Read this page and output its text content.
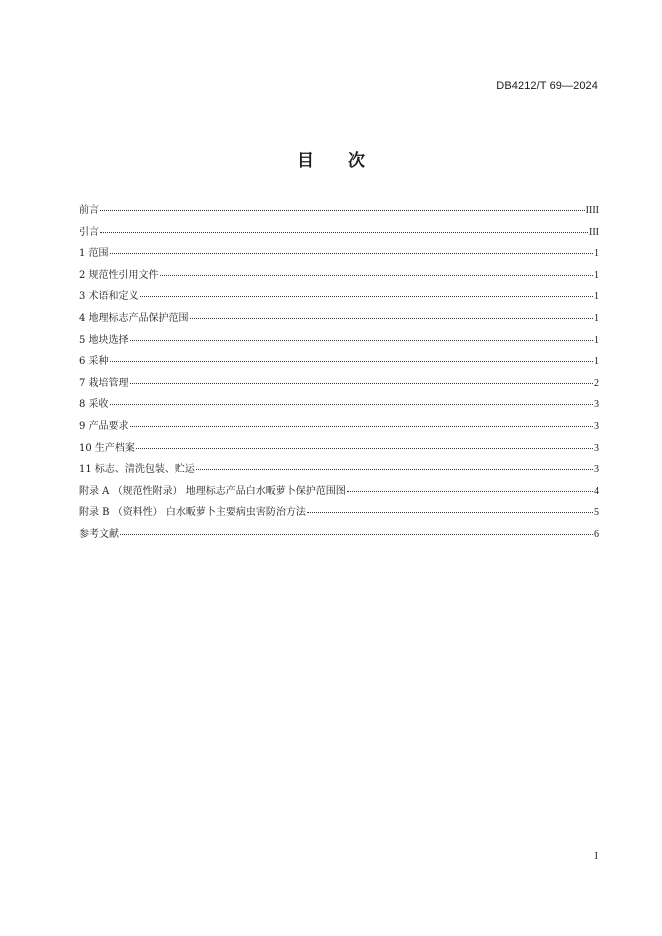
DB4212/T 69—2024
目　　次
前言	IIII
引言	III
1 范围	1
2 规范性引用文件	1
3 术语和定义	1
4 地理标志产品保护范围	1
5 地块选择	1
6 采种	1
7 栽培管理	2
8 采收	3
9 产品要求	3
10 生产档案	3
11 标志、清洗包装、贮运	3
附录 A （规范性附录） 地理标志产品白水畈萝卜保护范围图	4
附录 B （资料性） 白水畈萝卜主要病虫害防治方法	5
参考文献	6
I
